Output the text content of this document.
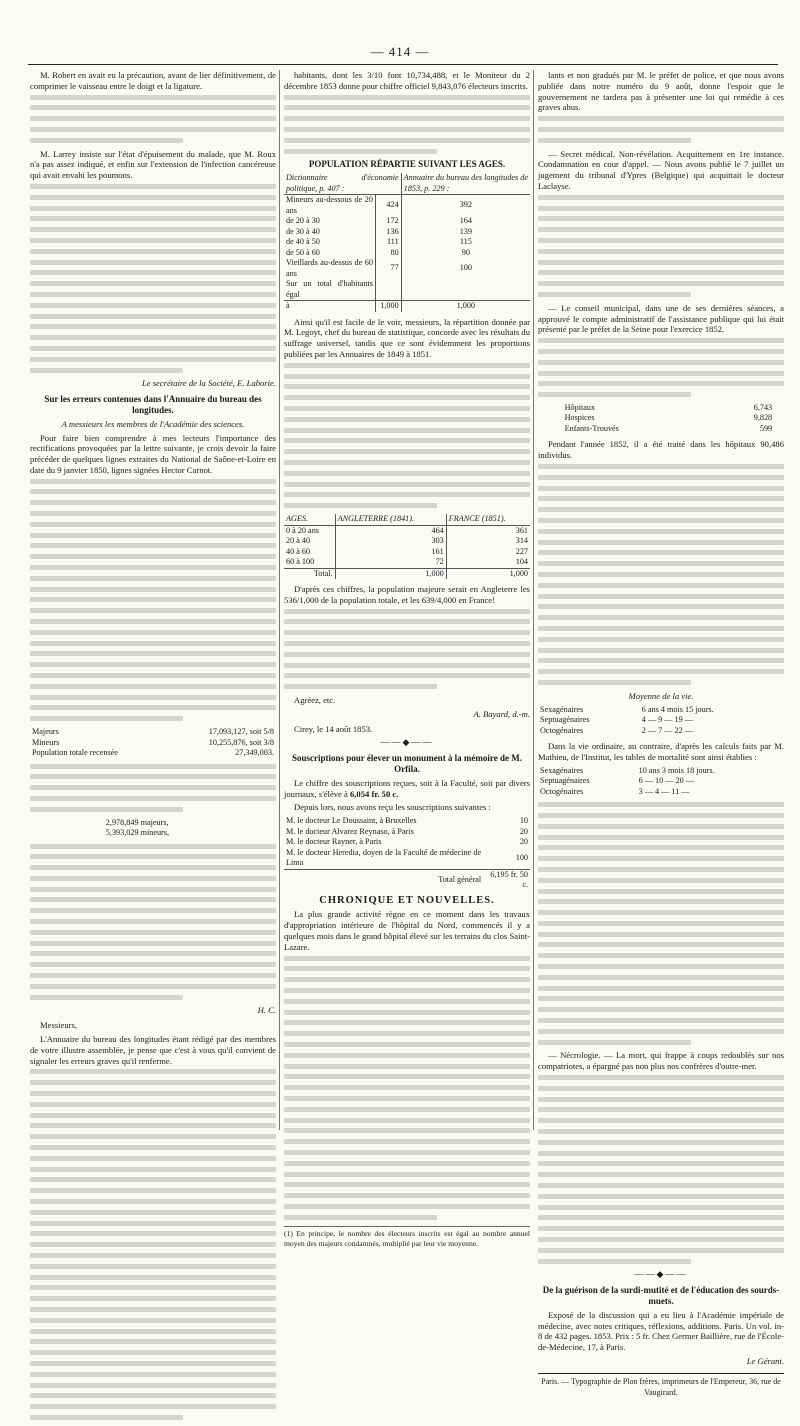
— 414 —

M. Robert en avait eu la précaution, avant de lier définitivement, de comprimer le vaisseau entre le doigt et la ligature.

M. Larrey insiste sur l'état d'épuisement du malade, que M. Roux n'a pas assez indiqué, et enfin sur l'extension de l'infection cancéreuse qui avait envahi les poumons.

Le secrétaire de la Société, E. Laborie.
Sur les erreurs contenues dans l'Annuaire du bureau des longitudes.
A messieurs les membres de l'Académie des sciences.

Pour faire bien comprendre à mes lecteurs l'importance des rectifications provoquées par la lettre suivante, je crois devoir la faire précéder de quelques lignes extraites du National de Saône-et-Loire en date du 9 janvier 1850, lignes signées Hector Carnot.

Majeurs	17,093,127, soit 5/8
Mineurs	10,255,876, soit 3/8
Population totale recensée	27,349,003.
2,978,849 majeurs,
5,393,029 mineurs,
H. C.

Messieurs,

L'Annuaire du bureau des longitudes étant rédigé par des membres de votre illustre assemblée, je pense que c'est à vous qu'il convient de signaler les erreurs graves qu'il renferme.

habitants, dont les 3/10 font 10,734,488, et le Moniteur du 2 décembre 1853 donne pour chiffre officiel 9,843,076 électeurs inscrits.

POPULATION RÉPARTIE SUIVANT LES AGES.
Dictionnaire d'économie politique, p. 407 :		Annuaire du bureau des longitudes de 1853, p. 229 :
Mineurs au-dessous de 20 ans	424	392
de 20 à 30	172	164
de 30 à 40	136	139
de 40 à 50	111	115
de 50 à 60	80	90
Vieillards au-dessus de 60 ans	77	100
Sur un total d'habitants égal		
à	1,000	1,000

Ainsi qu'il est facile de le voir, messieurs, la répartition donnée par M. Legoyt, chef du bureau de statistique, concorde avec les résultats du suffrage universel, tandis que ce sont évidemment les proportions publiées par les Annuaires de 1849 à 1851.

AGES.	ANGLETERRE (1841).	FRANCE (1851).
0 à 20 ans	464	361
20 à 40	303	314
40 à 60	161	227
60 à 100	72	104
Total.	1,000	1,000

D'après ces chiffres, la population majeure serait en Angleterre les 536/1,000 de la population totale, et les 639/4,000 en France!

Agréez, etc.

A. Bayard, d.-m.

Cirey, le 14 août 1853.

——◆——
Souscriptions pour élever un monument à la mémoire de M. Orfila.

Le chiffre des souscriptions reçues, soit à la Faculté, soit par divers journaux, s'élève à 6,054 fr. 50 c.

Depuis lors, nous avons reçu les souscriptions suivantes :

M. le docteur Le Doussaint, à Bruxelles	10
M. le docteur Alvarez Reynaso, à Paris	20
M. le docteur Rayner, à Paris	20
M. le docteur Heredia, doyen de la Faculté de médecine de Lima	100
Total général	6,195 fr. 50 c.
CHRONIQUE ET NOUVELLES.

La plus grande activité règne en ce moment dans les travaux d'appropriation intérieure de l'hôpital du Nord, commencés il y a quelques mois dans le grand hôpital élevé sur les terrains du clos Saint-Lazare.

(1) En principe, le nombre des électeurs inscrits est égal au nombre annuel moyen des majeurs condamnés, multiplié par leur vie moyenne.

lants et non gradués par M. le préfet de police, et que nous avons publiée dans notre numéro du 9 août, donne l'espoir que le gouvernement ne tardera pas à présenter une loi qui remédie à ces graves abus.

— Secret médical. Non-révélation. Acquittement en 1re instance. Condamnation en cour d'appel. — Nous avons publié le 7 juillet un jugement du tribunal d'Ypres (Belgique) qui acquittait le docteur Laclayse.

— Le conseil municipal, dans une de ses dernières séances, a approuvé le compte administratif de l'assistance publique qui lui était présenté par le préfet de la Seine pour l'exercice 1852.

Hôpitaux	6,743
Hospices	9,828
Enfants-Trouvés	599

Pendant l'année 1852, il a été traité dans les hôpitaux 90,486 individus.

Moyenne de la vie.
Sexagénaires	6 ans 4 mois 15 jours.
Septuagénaires	4 — 9 — 19 —
Octogénaires	2 — 7 — 22 —

Dans la vie ordinaire, au contraire, d'après les calculs faits par M. Mathieu, de l'Institut, les tables de mortalité sont ainsi établies :

Sexagénaires	10 ans 3 mois 18 jours.
Septuagénaires	6 — 10 — 20 —
Octogénaires	3 — 4 — 11 —

— Nécrologie. — La mort, qui frappe à coups redoublés sur nos compatriotes, a épargné pas non plus nos confrères d'outre-mer.

——◆——
De la guérison de la surdi-mutité et de l'éducation des sourds-muets.

Exposé de la discussion qui a eu lieu à l'Académie impériale de médecine, avec notes critiques, réflexions, additions. Paris. Un vol. in-8 de 432 pages. 1853. Prix : 5 fr. Chez Germer Baillière, rue de l'École-de-Médecine, 17, à Paris.

Le Gérant.
Paris. — Typographie de Plon frères, imprimeurs de l'Empereur, 36, rue de Vaugirard.
